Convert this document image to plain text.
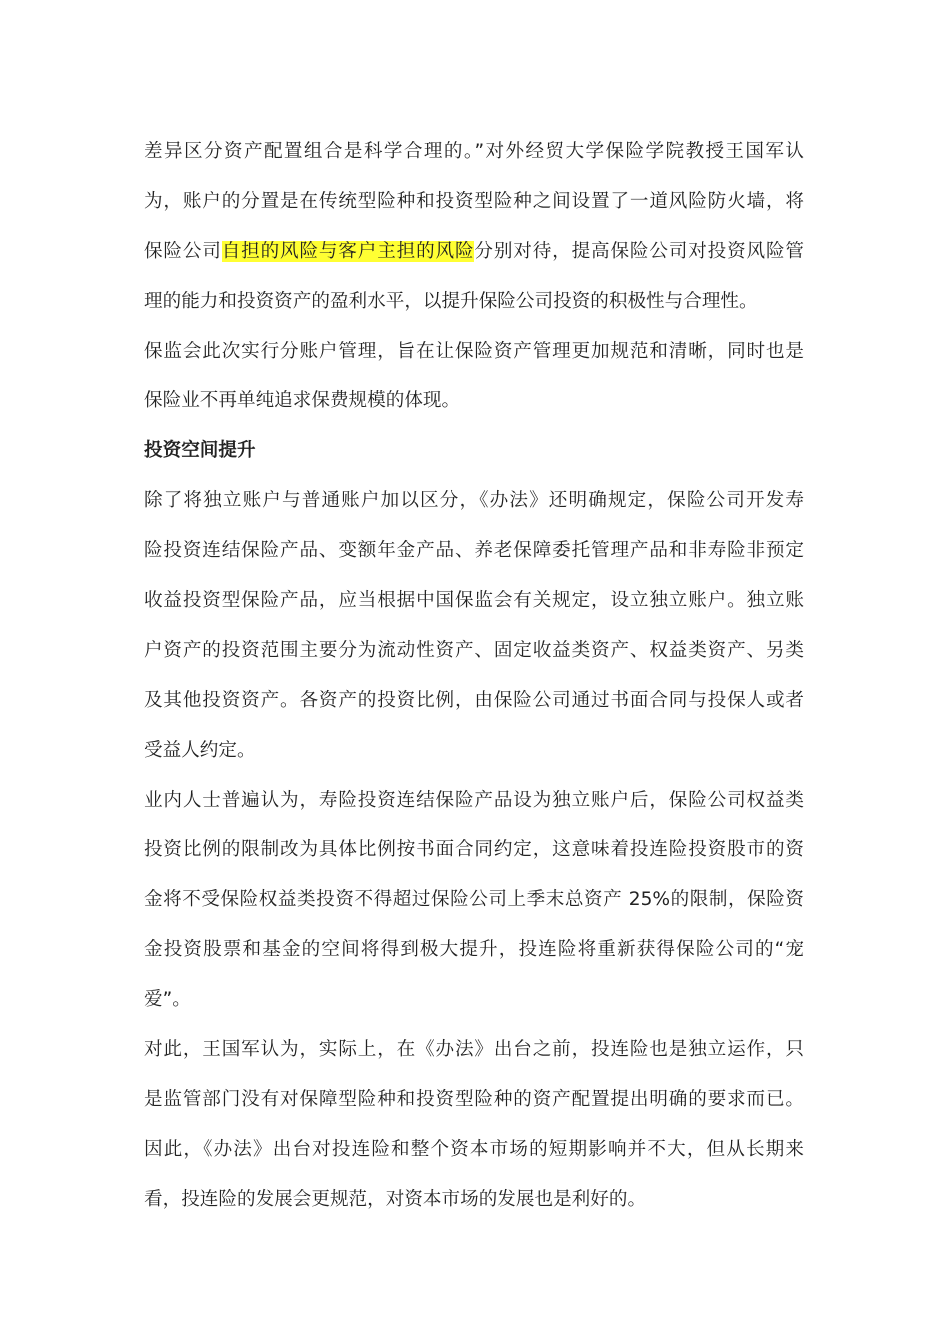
差异区分资产配置组合是科学合理的。”对外经贸大学保险学院教授王国军认
为，账户的分置是在传统型险种和投资型险种之间设置了一道风险防火墙，将
保险公司自担的风险与客户主担的风险分别对待，提高保险公司对投资风险管
理的能力和投资资产的盈利水平，以提升保险公司投资的积极性与合理性。
保监会此次实行分账户管理，旨在让保险资产管理更加规范和清晰，同时也是
保险业不再单纯追求保费规模的体现。
投资空间提升
除了将独立账户与普通账户加以区分，《办法》还明确规定，保险公司开发寿
险投资连结保险产品、变额年金产品、养老保障委托管理产品和非寿险非预定
收益投资型保险产品，应当根据中国保监会有关规定，设立独立账户。独立账
户资产的投资范围主要分为流动性资产、固定收益类资产、权益类资产、另类
及其他投资资产。各资产的投资比例，由保险公司通过书面合同与投保人或者
受益人约定。
业内人士普遍认为，寿险投资连结保险产品设为独立账户后，保险公司权益类
投资比例的限制改为具体比例按书面合同约定，这意味着投连险投资股市的资
金将不受保险权益类投资不得超过保险公司上季末总资产 25%的限制，保险资
金投资股票和基金的空间将得到极大提升，投连险将重新获得保险公司的“宠
爱”。
对此，王国军认为，实际上，在《办法》出台之前，投连险也是独立运作，只
是监管部门没有对保障型险种和投资型险种的资产配置提出明确的要求而已。
因此，《办法》出台对投连险和整个资本市场的短期影响并不大，但从长期来
看，投连险的发展会更规范，对资本市场的发展也是利好的。
